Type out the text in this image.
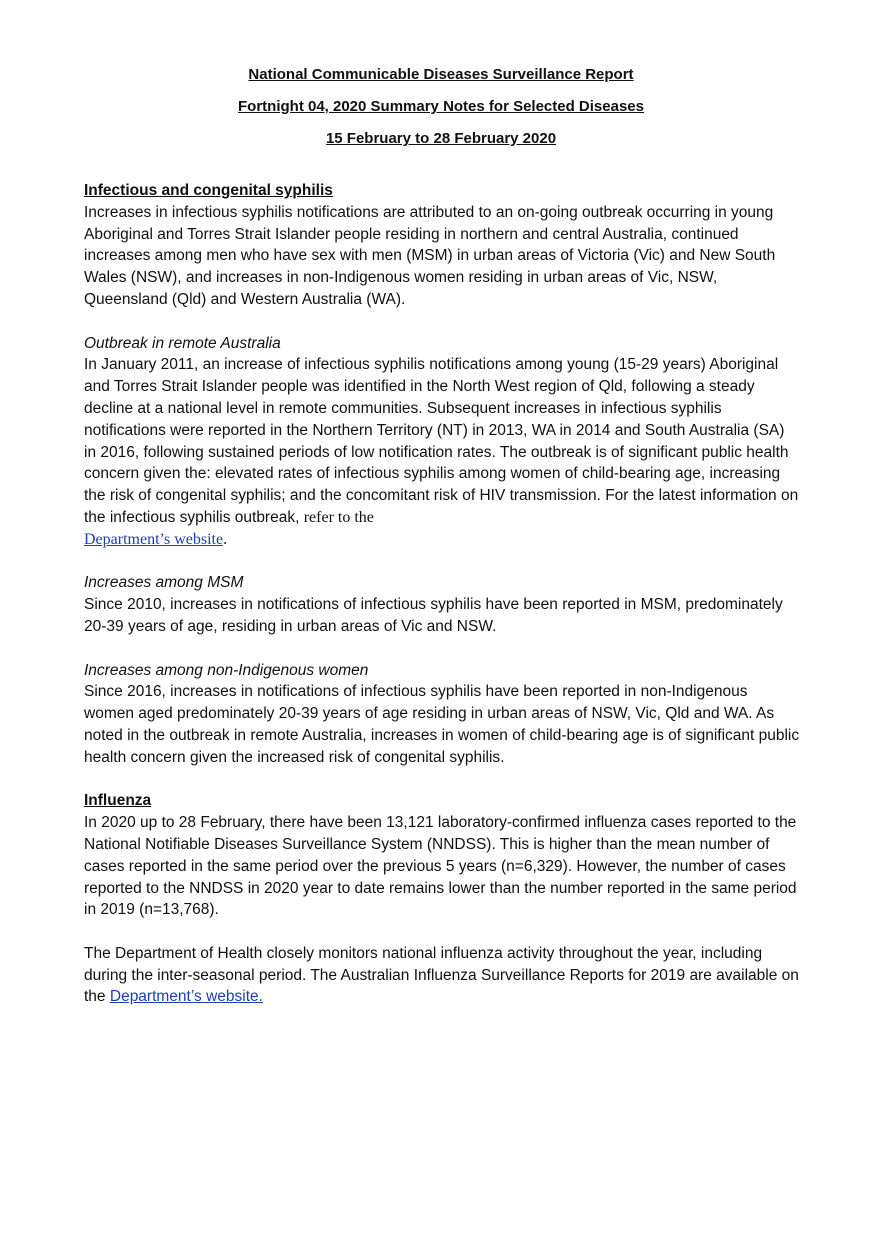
National Communicable Diseases Surveillance Report
Fortnight 04, 2020 Summary Notes for Selected Diseases
15 February to 28 February 2020

Infectious and congenital syphilis

Increases in infectious syphilis notifications are attributed to an on-going outbreak occurring in young Aboriginal and Torres Strait Islander people residing in northern and central Australia, continued increases among men who have sex with men (MSM) in urban areas of Victoria (Vic) and New South Wales (NSW), and increases in non-Indigenous women residing in urban areas of Vic, NSW, Queensland (Qld) and Western Australia (WA).

Outbreak in remote Australia

In January 2011, an increase of infectious syphilis notifications among young (15-29 years) Aboriginal and Torres Strait Islander people was identified in the North West region of Qld, following a steady decline at a national level in remote communities. Subsequent increases in infectious syphilis notifications were reported in the Northern Territory (NT) in 2013, WA in 2014 and South Australia (SA) in 2016, following sustained periods of low notification rates. The outbreak is of significant public health concern given the: elevated rates of infectious syphilis among women of child-bearing age, increasing the risk of congenital syphilis; and the concomitant risk of HIV transmission. For the latest information on the infectious syphilis outbreak, refer to the
Department’s website.

Increases among MSM

Since 2010, increases in notifications of infectious syphilis have been reported in MSM, predominately 20-39 years of age, residing in urban areas of Vic and NSW.

Increases among non-Indigenous women

Since 2016, increases in notifications of infectious syphilis have been reported in non-Indigenous women aged predominately 20-39 years of age residing in urban areas of NSW, Vic, Qld and WA. As noted in the outbreak in remote Australia, increases in women of child-bearing age is of significant public health concern given the increased risk of congenital syphilis.

Influenza

In 2020 up to 28 February, there have been 13,121 laboratory-confirmed influenza cases reported to the National Notifiable Diseases Surveillance System (NNDSS). This is higher than the mean number of cases reported in the same period over the previous 5 years (n=6,329). However, the number of cases reported to the NNDSS in 2020 year to date remains lower than the number reported in the same period in 2019 (n=13,768).

The Department of Health closely monitors national influenza activity throughout the year, including during the inter-seasonal period. The Australian Influenza Surveillance Reports for 2019 are available on the Department’s website.
